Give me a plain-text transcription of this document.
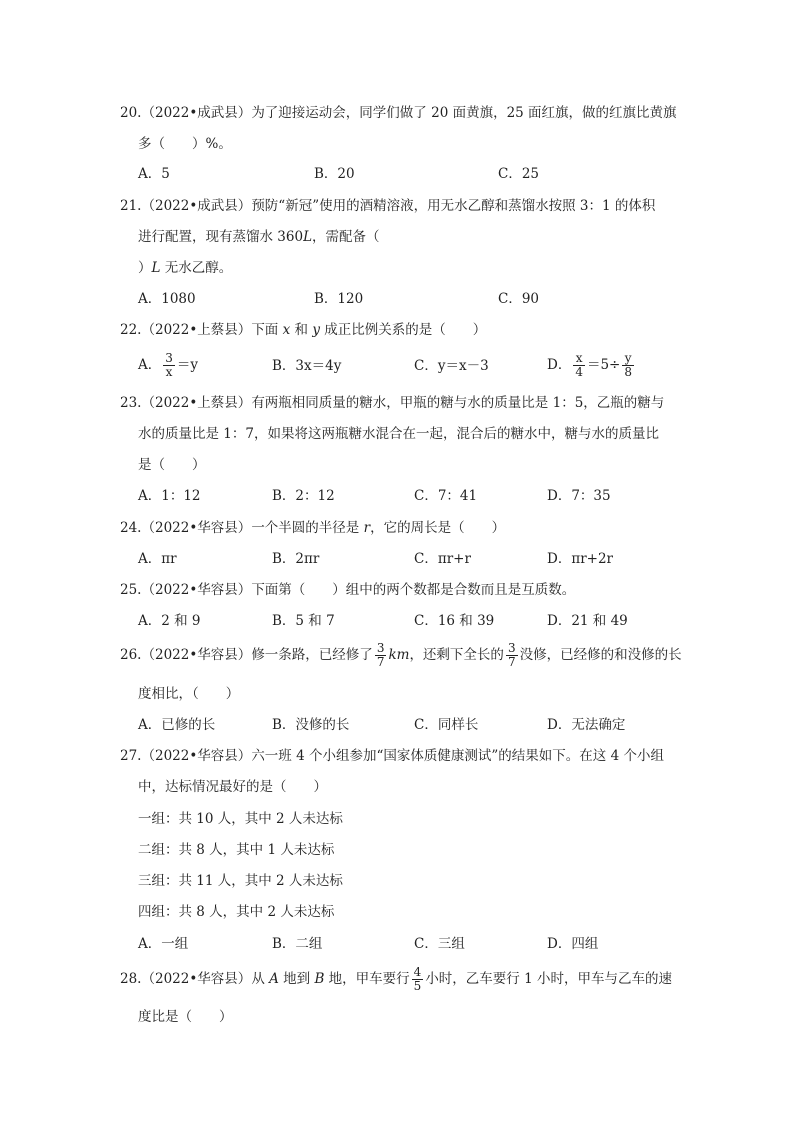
20.（2022•成武县）为了迎接运动会，同学们做了 20 面黄旗，25 面红旗，做的红旗比黄旗
多（　　）%。
A．5	B．20	C．25
21.（2022•成武县）预防“新冠”使用的酒精溶液，用无水乙醇和蒸馏水按照 3：1 的体积
进行配置，现有蒸馏水 360L，需配备（
）L 无水乙醇。
A．1080	B．120	C．90
22.（2022•上蔡县）下面 x 和 y 成正比例关系的是（　　）
A． $\frac{3}{x} =y$	B．3x＝4y	C．y＝x－3	D． $\frac{x}{4} =5\div \frac{y}{8}$
23.（2022•上蔡县）有两瓶相同质量的糖水，甲瓶的糖与水的质量比是 1：5，乙瓶的糖与
水的质量比是 1：7，如果将这两瓶糖水混合在一起，混合后的糖水中，糖与水的质量比
是（　　）
A．1：12	B．2：12	C．7：41	D．7：35
24.（2022•华容县）一个半圆的半径是 r，它的周长是（　　）
A．πr	B．2πr	C．πr+r	D．πr+2r
25.（2022•华容县）下面第（　　）组中的两个数都是合数而且是互质数。
A．2 和 9	B．5 和 7	C．16 和 39	D．21 和 49
26.（2022•华容县）修一条路，已经修了 $\frac{3}{7}$ km，还剩下全长的 $\frac{3}{7}$ 没修，已经修的和没修的长
度相比，（　　）
A．已修的长	B．没修的长	C．同样长	D．无法确定
27.（2022•华容县）六一班 4 个小组参加“国家体质健康测试”的结果如下。在这 4 个小组
中，达标情况最好的是（　　）
一组：共 10 人，其中 2 人未达标
二组：共 8 人，其中 1 人未达标
三组：共 11 人，其中 2 人未达标
四组：共 8 人，其中 2 人未达标
A．一组	B．二组	C．三组	D．四组
28.（2022•华容县）从 A 地到 B 地，甲车要行 $\frac{4}{5}$ 小时，乙车要行 1 小时，甲车与乙车的速
度比是（　　）
